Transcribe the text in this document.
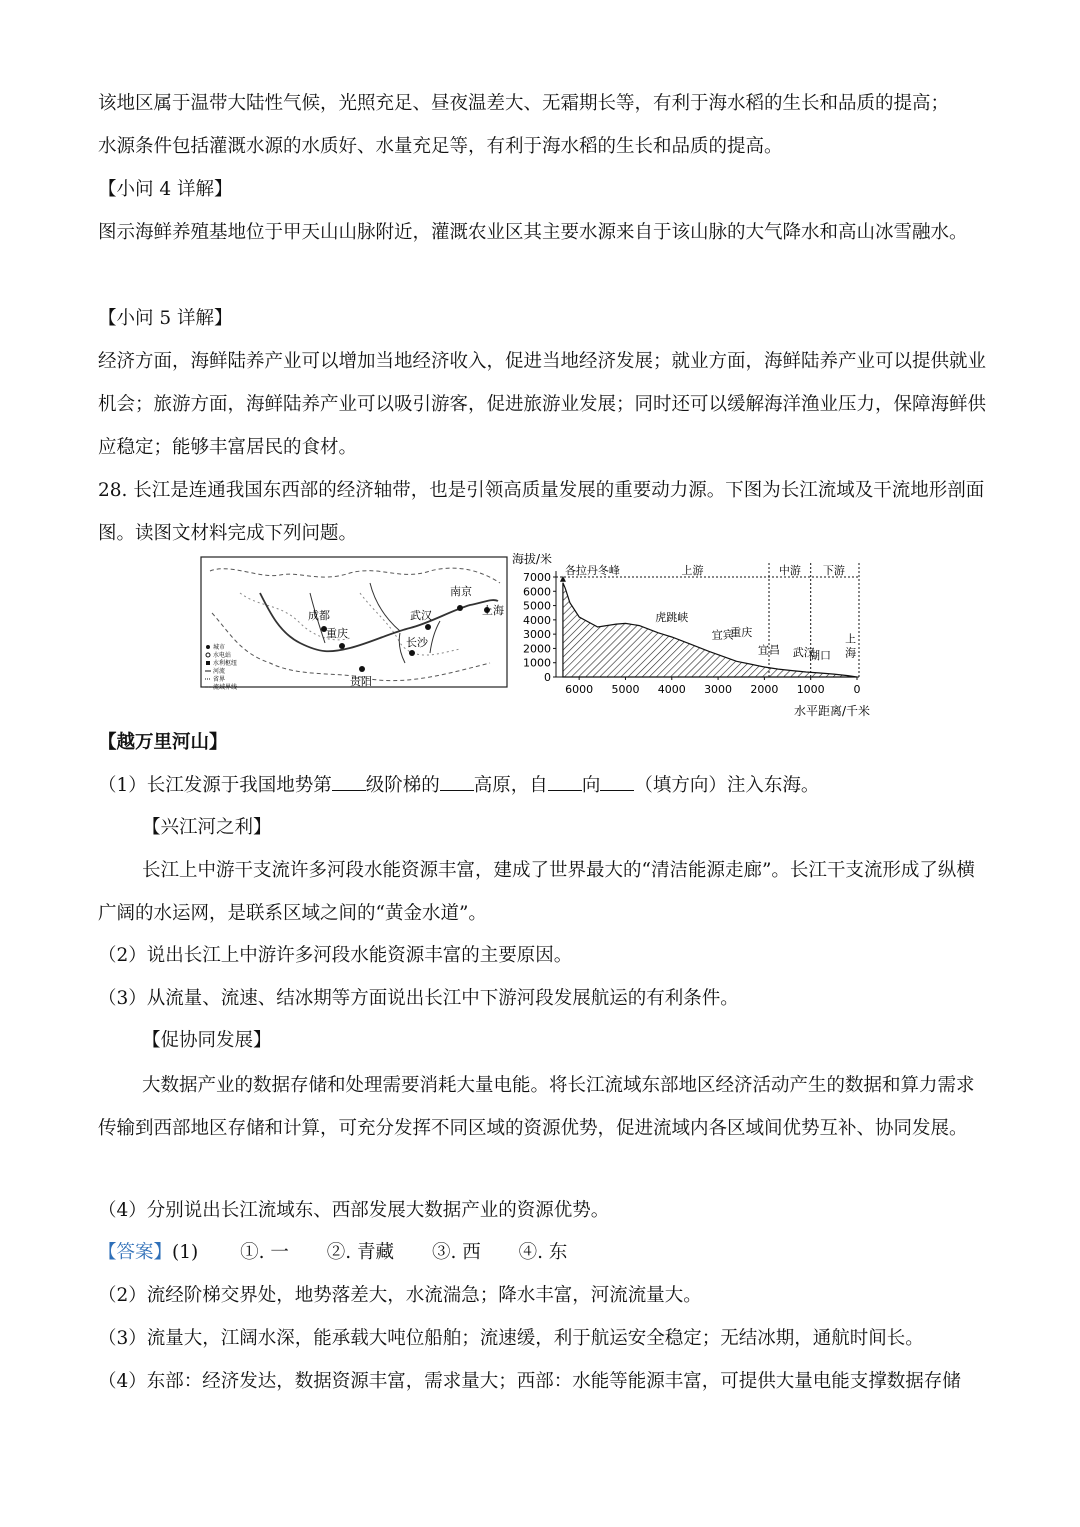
该地区属于温带大陆性气候，光照充足、昼夜温差大、无霜期长等，有利于海水稻的生长和品质的提高；
水源条件包括灌溉水源的水质好、水量充足等，有利于海水稻的生长和品质的提高。
【小问 4 详解】
图示海鲜养殖基地位于甲天山山脉附近，灌溉农业区其主要水源来自于该山脉的大气降水和高山冰雪融水。
【小问 5 详解】
经济方面，海鲜陆养产业可以增加当地经济收入，促进当地经济发展；就业方面，海鲜陆养产业可以提供就业机会；旅游方面，海鲜陆养产业可以吸引游客，促进旅游业发展；同时还可以缓解海洋渔业压力，保障海鲜供应稳定；能够丰富居民的食材。
28. 长江是连通我国东西部的经济轴带，也是引领高质量发展的重要动力源。下图为长江流域及干流地形剖面图。读图文材料完成下列问题。
成都
重庆
武汉
南京
上海
长沙
贵阳
城市
水电站
水利枢纽
河流
省界
流域界线
海拔/米
水平距离/千米
7000
6000
5000
4000
3000
2000
1000
0
6000 5000 4000 3000 2000 1000	0
上游	中游 下游
各拉丹冬峰
虎跳峡
宜宾
重庆
宜昌 武汉
湖口
上
海
【越万里河山】
（1）长江发源于我国地势第 级阶梯的 高原，自 向 （填方向）注入东海。
【兴江河之利】
长江上中游干支流许多河段水能资源丰富，建成了世界最大的“清洁能源走廊”。长江干支流形成了纵横广阔的水运网，是联系区域之间的“黄金水道”。
（2）说出长江上中游许多河段水能资源丰富的主要原因。
（3）从流量、流速、结冰期等方面说出长江中下游河段发展航运的有利条件。
【促协同发展】
大数据产业的数据存储和处理需要消耗大量电能。将长江流域东部地区经济活动产生的数据和算力需求传输到西部地区存储和计算，可充分发挥不同区域的资源优势，促进流域内各区域间优势互补、协同发展。
（4）分别说出长江流域东、西部发展大数据产业的资源优势。
【答案】(1) ①. 一 ②. 青藏 ③. 西 ④. 东
（2）流经阶梯交界处，地势落差大，水流湍急；降水丰富，河流流量大。
（3）流量大，江阔水深，能承载大吨位船舶；流速缓，利于航运安全稳定；无结冰期，通航时间长。
（4）东部：经济发达，数据资源丰富，需求量大；西部：水能等能源丰富，可提供大量电能支撑数据存储
